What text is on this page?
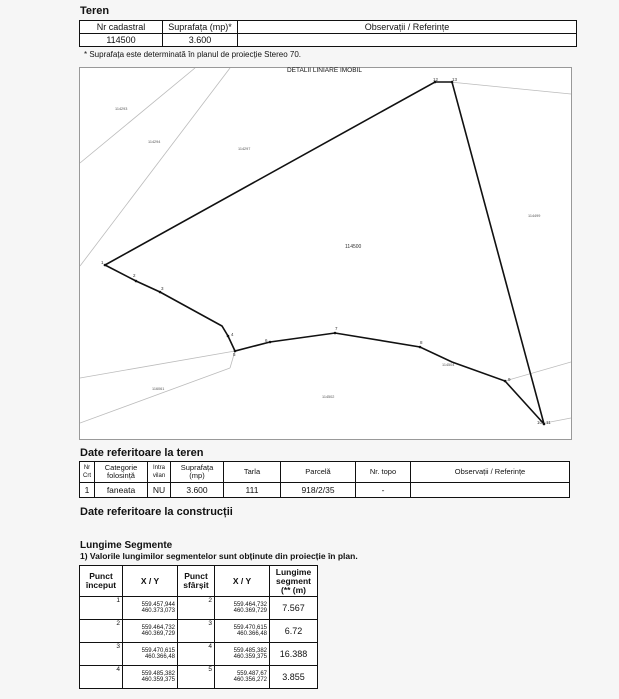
Teren
Nr cadastral	Suprafața (mp)*	Observații / Referințe
114500	3.600	
* Suprafața este determinată în planul de proiecție Stereo 70.
1
2
3
4
5
6
7
8
9
10 11
12	13
114500
114293
114294
114297
114499
116061
114502
114504
DETALII LINIARE IMOBIL
Date referitoare la teren
Nr Crt	Categorie folosință	Intra vilan	Suprafața (mp)	Tarla	Parcelă	Nr. topo	Observații / Referințe
1	faneata	NU	3.600	111	918/2/35	-	
Date referitoare la construcții
Lungime Segmente
1) Valorile lungimilor segmentelor sunt obținute din proiecție în plan.
Punct început	X / Y	Punct sfârșit	X / Y	Lungime segment (** (m)
1	559.457,944
460.373,073	2	559.464,732
460.369,729	7.567
2	559.464,732
460.369,729	3	559.470,615
460.366,48	6.72
3	559.470,615
460.366,48	4	559.485,382
460.359,375	16.388
4	559.485,382
460.359,375	5	559.487,67
460.356,272	3.855
